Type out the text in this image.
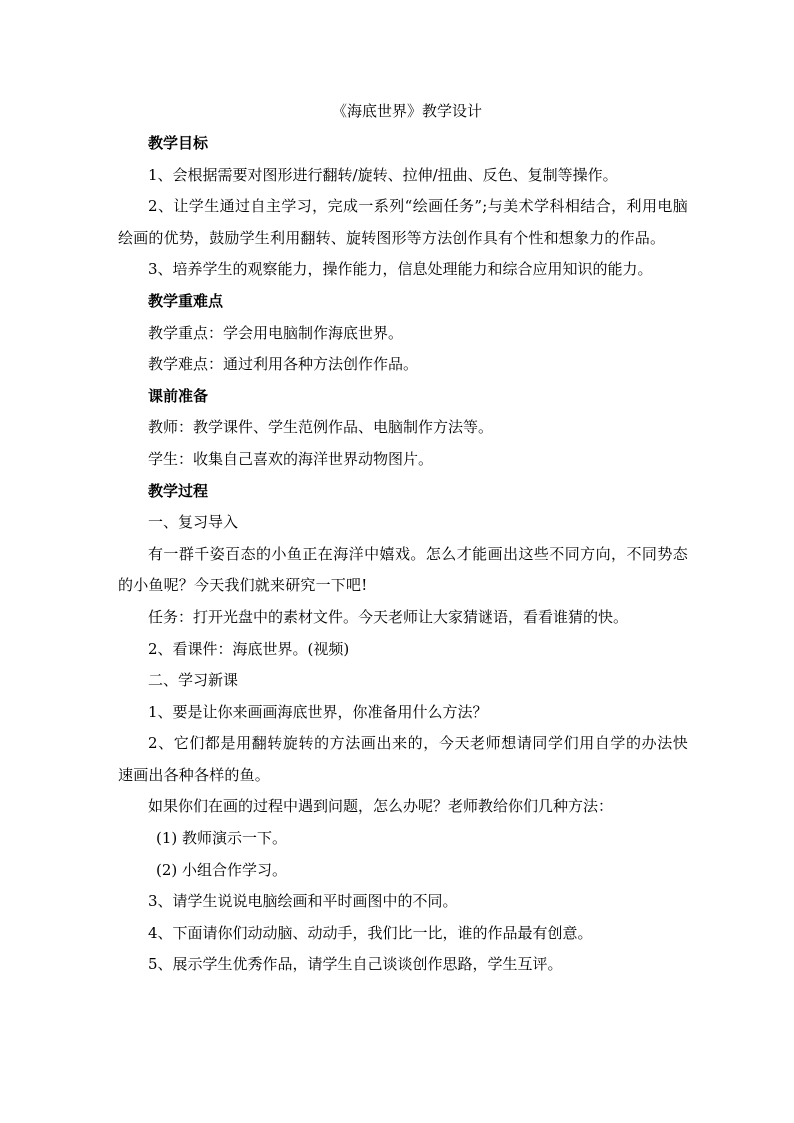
《海底世界》教学设计
教学目标
1、会根据需要对图形进行翻转/旋转、拉伸/扭曲、反色、复制等操作。
2、让学生通过自主学习，完成一系列“绘画任务”;与美术学科相结合，利用电脑绘画的优势，鼓励学生利用翻转、旋转图形等方法创作具有个性和想象力的作品。
3、培养学生的观察能力，操作能力，信息处理能力和综合应用知识的能力。
教学重难点
教学重点：学会用电脑制作海底世界。
教学难点：通过利用各种方法创作作品。
课前准备
教师：教学课件、学生范例作品、电脑制作方法等。
学生：收集自己喜欢的海洋世界动物图片。
教学过程
一、复习导入
有一群千姿百态的小鱼正在海洋中嬉戏。怎么才能画出这些不同方向，不同势态的小鱼呢？今天我们就来研究一下吧!
任务：打开光盘中的素材文件。今天老师让大家猜谜语，看看谁猜的快。
2、看课件：海底世界。(视频)
二、学习新课
1、要是让你来画画海底世界，你准备用什么方法？
2、它们都是用翻转旋转的方法画出来的，今天老师想请同学们用自学的办法快速画出各种各样的鱼。
如果你们在画的过程中遇到问题，怎么办呢？老师教给你们几种方法：
(1) 教师演示一下。
(2) 小组合作学习。
3、请学生说说电脑绘画和平时画图中的不同。
4、下面请你们动动脑、动动手，我们比一比，谁的作品最有创意。
5、展示学生优秀作品，请学生自己谈谈创作思路，学生互评。
